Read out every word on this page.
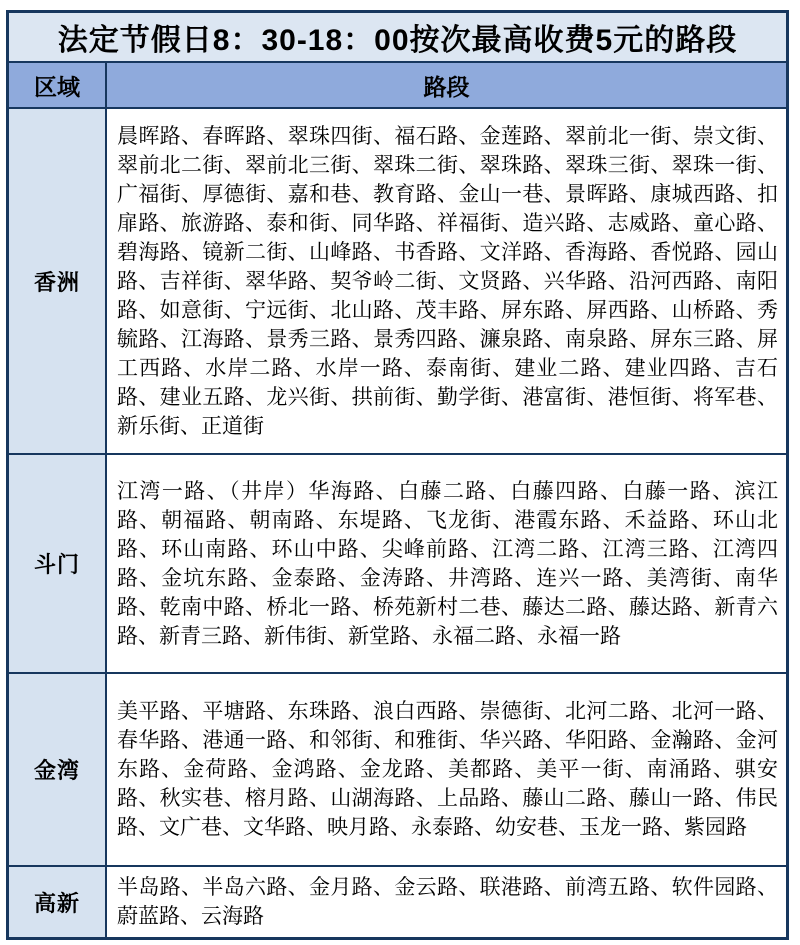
法定节假日8：30-18：00按次最高收费5元的路段
区域	路段
香洲
晨晖路、春晖路、翠珠四街、福石路、金莲路、翠前北一街、崇文街、翠前北二街、翠前北三街、翠珠二街、翠珠路、翠珠三街、翠珠一街、广福街、厚德街、嘉和巷、教育路、金山一巷、景晖路、康城西路、扣扉路、旅游路、泰和街、同华路、祥福街、造兴路、志威路、童心路、碧海路、镜新二街、山峰路、书香路、文洋路、香海路、香悦路、园山路、吉祥街、翠华路、契爷岭二街、文贤路、兴华路、沿河西路、南阳路、如意街、宁远街、北山路、茂丰路、屏东路、屏西路、山桥路、秀毓路、江海路、景秀三路、景秀四路、濂泉路、南泉路、屏东三路、屏工西路、水岸二路、水岸一路、泰南街、建业二路、建业四路、吉石路、建业五路、龙兴街、拱前街、勤学街、港富街、港恒街、将军巷、新乐街、正道街
斗门
江湾一路、（井岸）华海路、白藤二路、白藤四路、白藤一路、滨江路、朝福路、朝南路、东堤路、飞龙街、港霞东路、禾益路、环山北路、环山南路、环山中路、尖峰前路、江湾二路、江湾三路、江湾四路、金坑东路、金泰路、金涛路、井湾路、连兴一路、美湾街、南华路、乾南中路、桥北一路、桥苑新村二巷、藤达二路、藤达路、新青六路、新青三路、新伟街、新堂路、永福二路、永福一路
金湾
美平路、平塘路、东珠路、浪白西路、崇德街、北河二路、北河一路、春华路、港通一路、和邻街、和雅街、华兴路、华阳路、金瀚路、金河东路、金荷路、金鸿路、金龙路、美都路、美平一街、南涌路、骐安路、秋实巷、榕月路、山湖海路、上品路、藤山二路、藤山一路、伟民路、文广巷、文华路、映月路、永泰路、幼安巷、玉龙一路、紫园路
高新
半岛路、半岛六路、金月路、金云路、联港路、前湾五路、软件园路、蔚蓝路、云海路
